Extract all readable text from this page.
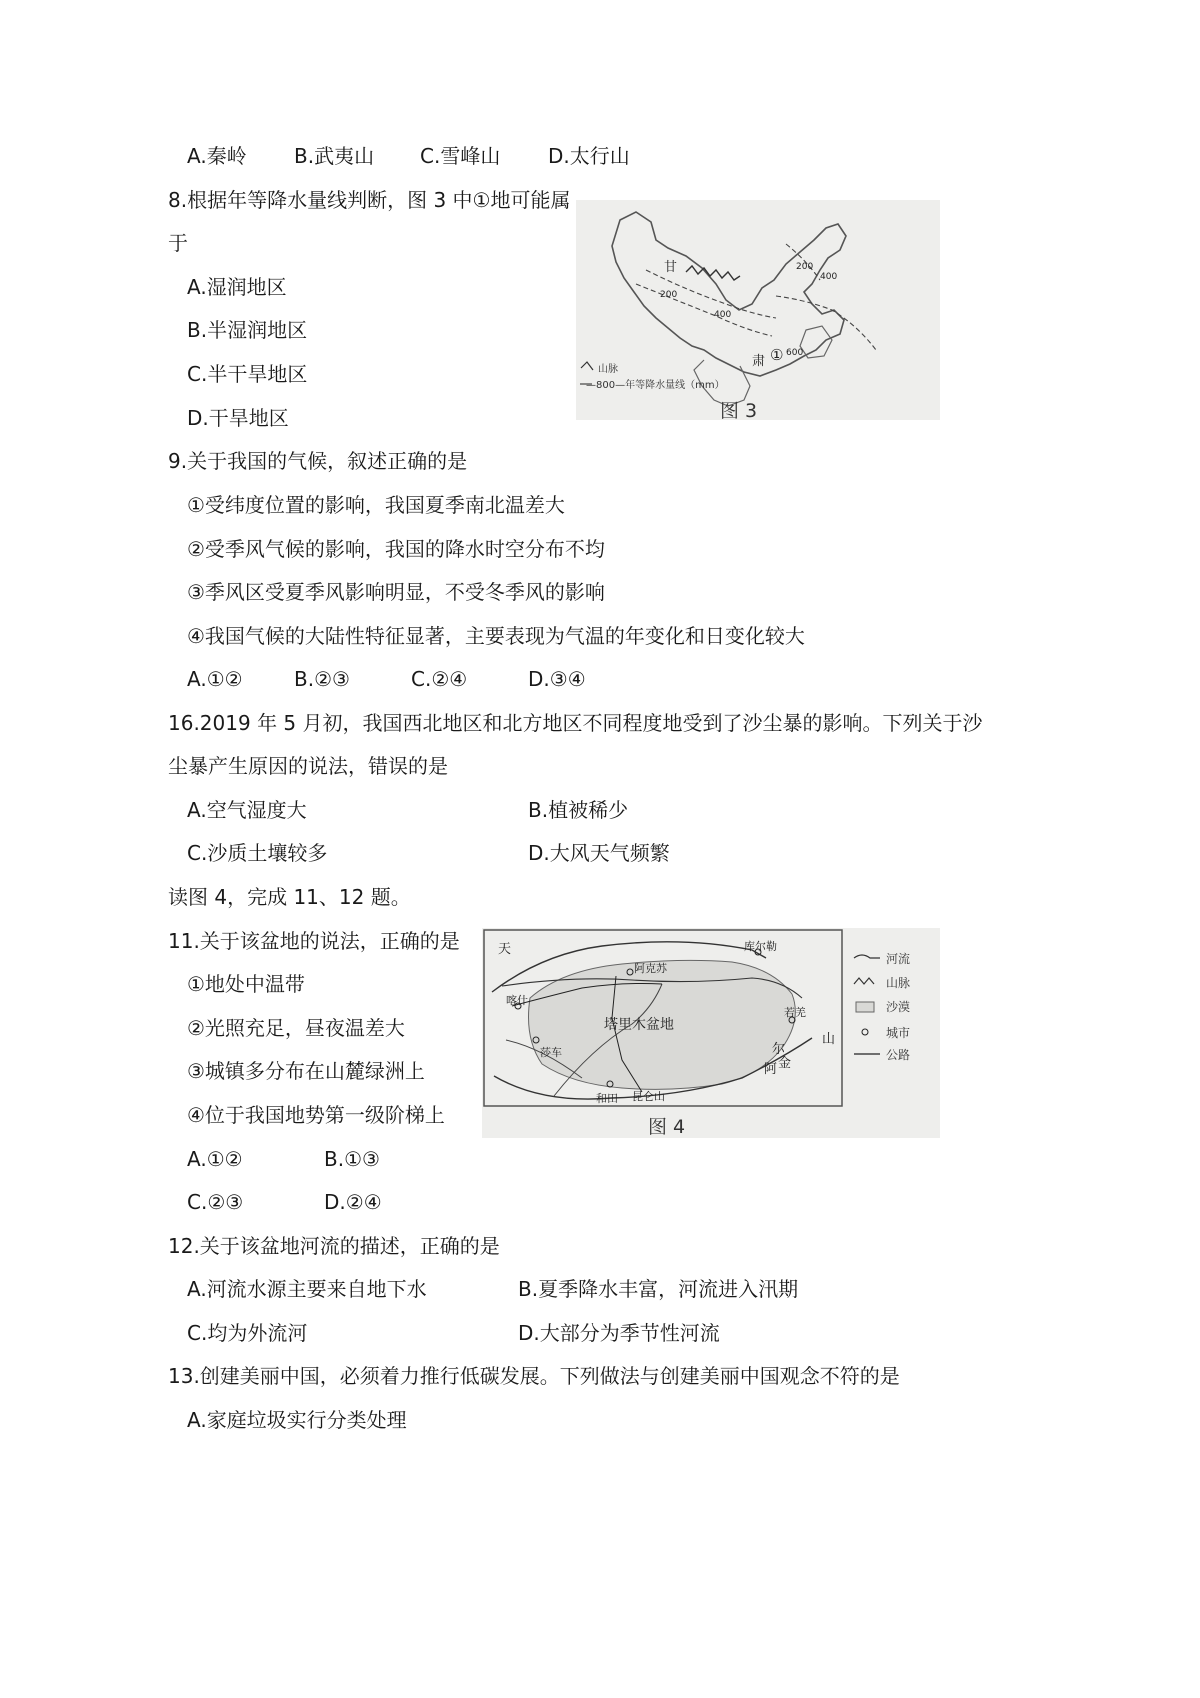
A.秦岭 B.武夷山 C.雪峰山 D.太行山
8.根据年等降水量线判断，图 3 中①地可能属
于
A.湿润地区
B.半湿润地区
C.半干旱地区
D.干旱地区
甘
肃 ①
200
400
600
200
400
山脉
—800—年等降水量线（mm）
图 3
9.关于我国的气候，叙述正确的是
①受纬度位置的影响，我国夏季南北温差大
②受季风气候的影响，我国的降水时空分布不均
③季风区受夏季风影响明显，不受冬季风的影响
④我国气候的大陆性特征显著，主要表现为气温的年变化和日变化较大
A.①②	B.②③	C.②④	D.③④
16.2019 年 5 月初，我国西北地区和北方地区不同程度地受到了沙尘暴的影响。下列关于沙
尘暴产生原因的说法，错误的是
A.空气湿度大	B.植被稀少
C.沙质土壤较多	D.大风天气频繁
读图 4，完成 11、12 题。
11.关于该盆地的说法，正确的是
①地处中温带
②光照充足，昼夜温差大
③城镇多分布在山麓绿洲上
④位于我国地势第一级阶梯上
A.①②	B.①③
C.②③	D.②④
天
阿克苏
喀什
塔里木盆地
莎车
和田 昆仑山
若羌
库尔勒
山
尔
阿 金
河流
山脉
沙漠
城市
公路
图 4
12.关于该盆地河流的描述，正确的是
A.河流水源主要来自地下水	B.夏季降水丰富，河流进入汛期
C.均为外流河	D.大部分为季节性河流
13.创建美丽中国，必须着力推行低碳发展。下列做法与创建美丽中国观念不符的是
A.家庭垃圾实行分类处理
